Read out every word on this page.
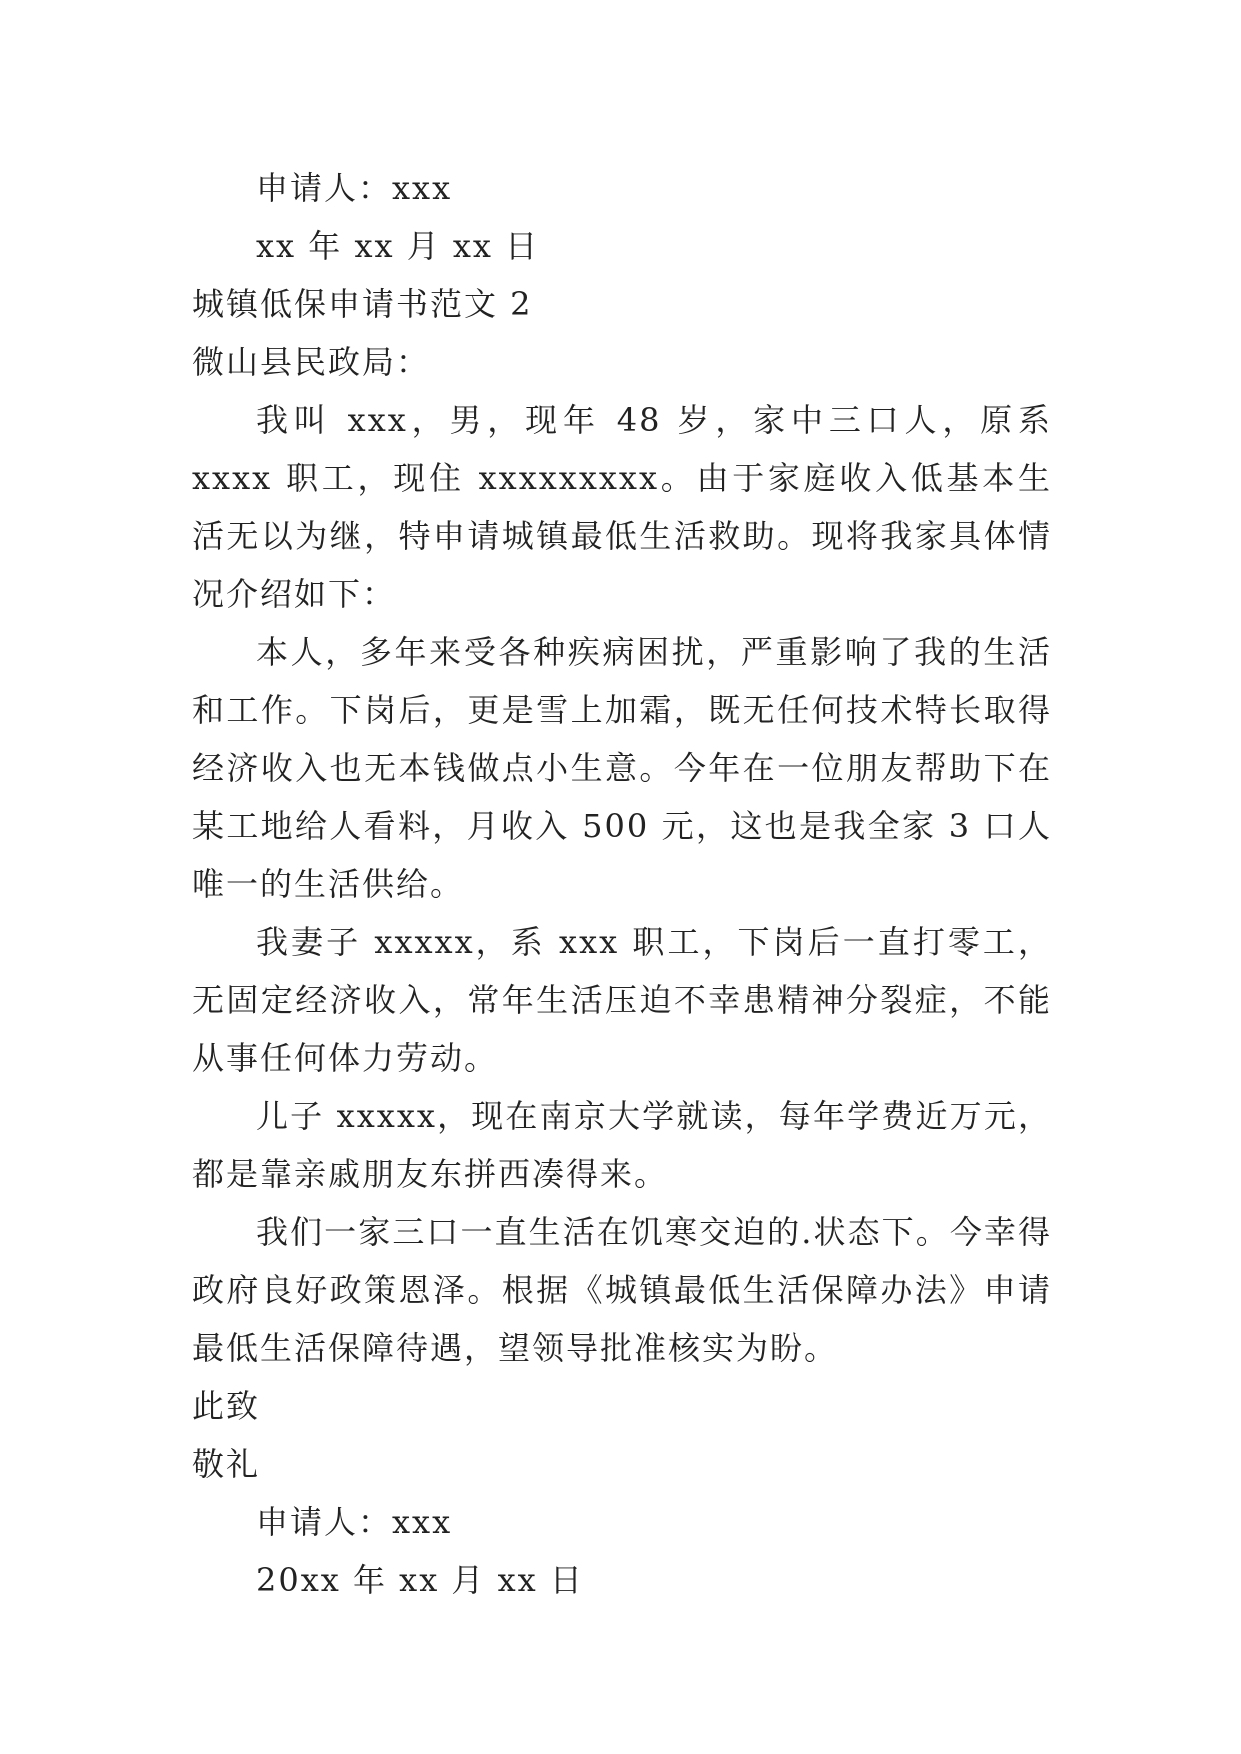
申请人：xxx

xx 年 xx 月 xx 日

城镇低保申请书范文 2

微山县民政局：

我叫 xxx，男，现年 48 岁，家中三口人，原系 xxxx 职工，现住 xxxxxxxxx。由于家庭收入低基本生活无以为继，特申请城镇最低生活救助。现将我家具体情况介绍如下：

本人，多年来受各种疾病困扰，严重影响了我的生活和工作。下岗后，更是雪上加霜，既无任何技术特长取得经济收入也无本钱做点小生意。今年在一位朋友帮助下在某工地给人看料，月收入 500 元，这也是我全家 3 口人唯一的生活供给。

我妻子 xxxxx，系 xxx 职工，下岗后一直打零工，无固定经济收入，常年生活压迫不幸患精神分裂症，不能从事任何体力劳动。

儿子 xxxxx，现在南京大学就读，每年学费近万元，都是靠亲戚朋友东拼西凑得来。

我们一家三口一直生活在饥寒交迫的.状态下。今幸得政府良好政策恩泽。根据《城镇最低生活保障办法》申请最低生活保障待遇，望领导批准核实为盼。

此致

敬礼

申请人：xxx

20xx 年 xx 月 xx 日
